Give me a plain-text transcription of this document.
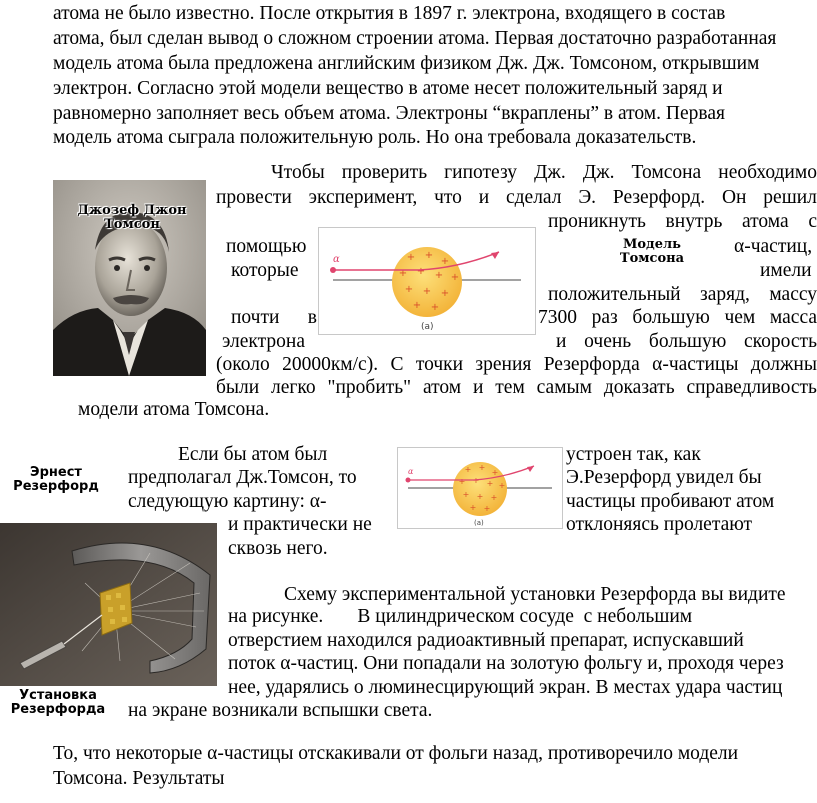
атома не было известно. После открытия в 1897 г. электрона, входящего в состав
атома, был сделан вывод о сложном строении атома. Первая достаточно разработанная
модель атома была предложена английским физиком Дж. Дж. Томсоном, открывшим
электрон. Согласно этой модели вещество в атоме несет положительный заряд и
равномерно заполняет весь объем атома. Электроны “вкраплены” в атом. Первая
модель атома сыграла положительную роль. Но она требовала доказательств.
Джозеф Джон Томсон
Чтобы проверить гипотезу Дж. Дж. Томсона необходимо
провести эксперимент, что и сделал Э. Резерфорд. Он решил
проникнуть внутрь атома с
помощью	α-частиц,
которые	имели
положительный заряд, массу
почти в	7300 раз большую чем масса
электрона	и очень большую скорость
(около 20000км/с). С точки зрения Резерфорда α-частицы должны
были легко "пробить" атом и тем самым доказать справедливость
модели атома Томсона.
Модель Томсона
+ +
+
+ + + +
+ + +
+ +
α
(a)
Эрнест Резерфорд
Если бы атом был	устроен так, как
предполагал Дж.Томсон, то	Э.Резерфорд увидел бы
следующую картину: α-	частицы пробивают атом
и практически не	отклоняясь пролетают
сквозь него.
+ +
+
+ + + +
+ + +
+ +
α
(a)
Установка Резерфорда
Схему экспериментальной установки Резерфорда вы видите
на рисунке.       В цилиндрическом сосуде  с небольшим
отверстием находился радиоактивный препарат, испускавший
поток α-частиц. Они попадали на золотую фольгу и, проходя через
нее, ударялись о люминесцирующий экран. В местах удара частиц
на экране возникали вспышки света.
То, что некоторые α-частицы отскакивали от фольги назад, противоречило модели
Томсона. Результаты
